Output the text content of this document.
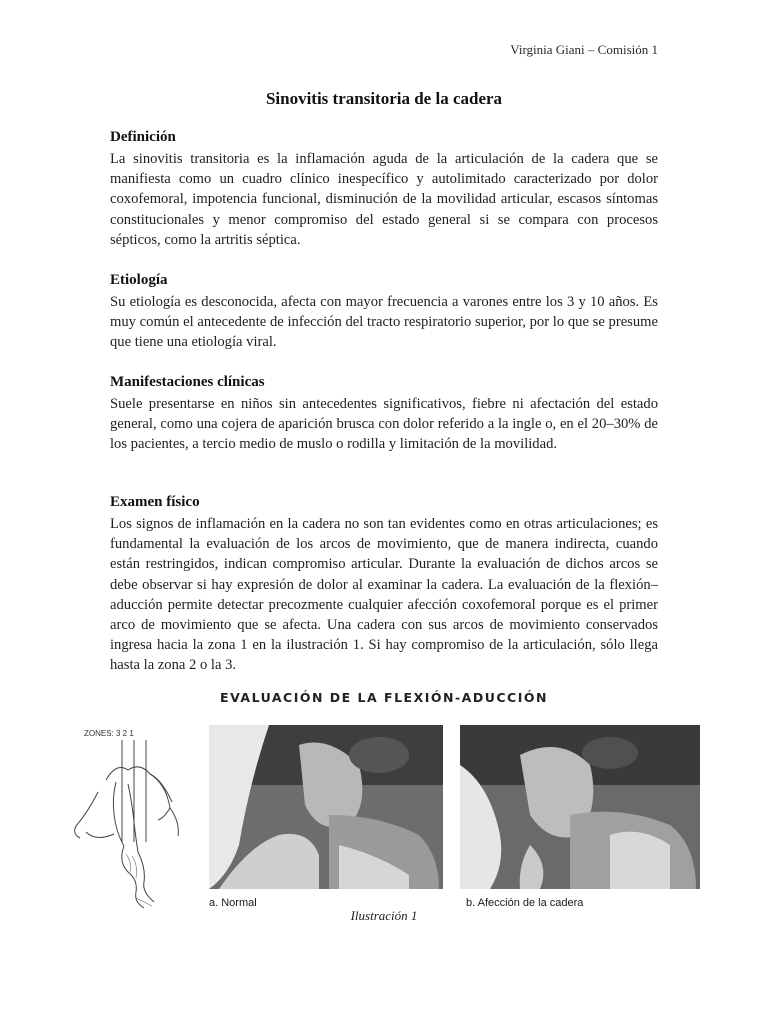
Virginia Giani – Comisión 1
Sinovitis transitoria de la cadera
Definición

La sinovitis transitoria es la inflamación aguda de la articulación de la cadera que se manifiesta como un cuadro clínico inespecífico y autolimitado caracterizado por dolor coxofemoral, impotencia funcional, disminución de la movilidad articular, escasos síntomas constitucionales y menor compromiso del estado general si se compara con procesos sépticos, como la artritis séptica.

Etiología

Su etiología es desconocida, afecta con mayor frecuencia a varones entre los 3 y 10 años. Es muy común el antecedente de infección del tracto respiratorio superior, por lo que se presume que tiene una etiología viral.

Manifestaciones clínicas

Suele presentarse en niños sin antecedentes significativos, fiebre ni afectación del estado general, como una cojera de aparición brusca con dolor referido a la ingle o, en el 20–30% de los pacientes, a tercio medio de muslo o rodilla y limitación de la movilidad.

Examen físico

Los signos de inflamación en la cadera no son tan evidentes como en otras articulaciones; es fundamental la evaluación de los arcos de movimiento, que de manera indirecta, cuando están restringidos, indican compromiso articular. Durante la evaluación de dichos arcos se debe observar si hay expresión de dolor al examinar la cadera. La evaluación de la flexión–aducción permite detectar precozmente cualquier afección coxofemoral porque es el primer arco de movimiento que se afecta. Una cadera con sus arcos de movimiento conservados ingresa hacia la zona 1 en la ilustración 1. Si hay compromiso de la articulación, sólo llega hasta la zona 2 o la 3.

EVALUACIÓN DE LA FLEXIÓN-ADUCCIÓN
ZONES: 3 2 1
a. Normal	b. Afección de la cadera
Ilustración 1
